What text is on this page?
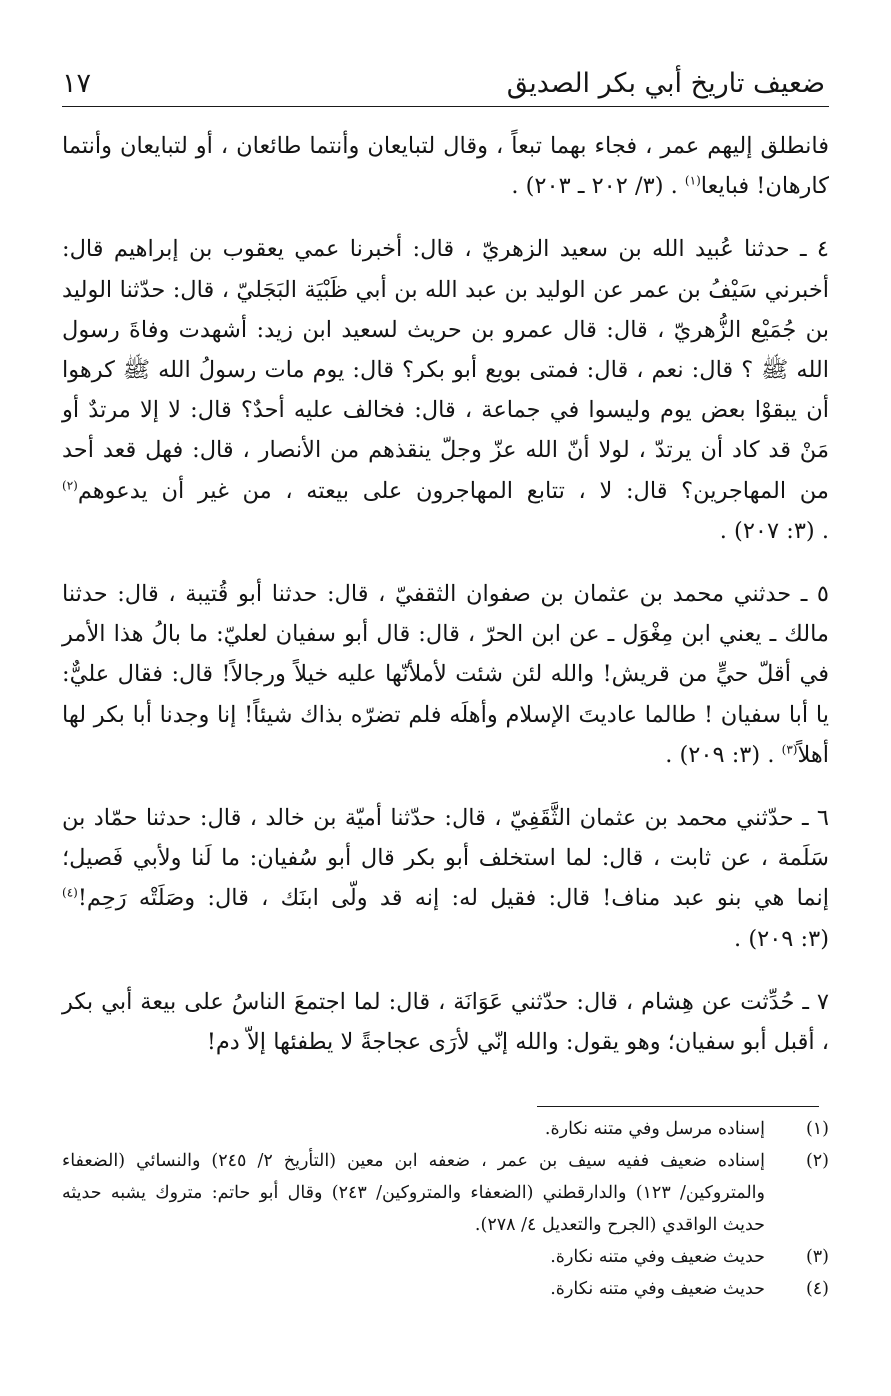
ضعيف تاريخ أبي بكر الصديق
١٧

فانطلق إليهم عمر ، فجاء بهما تبعاً ، وقال لتبايعان وأنتما طائعان ، أو لتبايعان وأنتما كارهان! فبايعا$^{(١)}$ . (٣/ ٢٠٢ ـ ٢٠٣) .

٤ ـ حدثنا عُبيد الله بن سعيد الزهريّ ، قال: أخبرنا عمي يعقوب بن إبراهيم قال: أخبرني سَيْفُ بن عمر عن الوليد بن عبد الله بن أبي ظَبْيَة البَجَليّ ، قال: حدّثنا الوليد بن جُمَيْع الزُّهريّ ، قال: قال عمرو بن حريث لسعيد ابن زيد: أشهدت وفاةَ رسول الله ﷺ ؟ قال: نعم ، قال: فمتى بويع أبو بكر؟ قال: يوم مات رسولُ الله ﷺ كرهوا أن يبقوْا بعض يوم وليسوا في جماعة ، قال: فخالف عليه أحدٌ؟ قال: لا إلا مرتدٌ أو مَنْ قد كاد أن يرتدّ ، لولا أنّ الله عزّ وجلّ ينقذهم من الأنصار ، قال: فهل قعد أحد من المهاجرين؟ قال: لا ، تتابع المهاجرون على بيعته ، من غير أن يدعوهم$^{(٢)}$ . (٣: ٢٠٧) .

٥ ـ حدثني محمد بن عثمان بن صفوان الثقفيّ ، قال: حدثنا أبو قُتيبة ، قال: حدثنا مالك ـ يعني ابن مِغْوَل ـ عن ابن الحرّ ، قال: قال أبو سفيان لعليّ: ما بالُ هذا الأمر في أقلّ حيٍّ من قريش! والله لئن شئت لأملأنّها عليه خيلاً ورجالاً! قال: فقال عليٌّ: يا أبا سفيان ! طالما عاديتَ الإسلام وأهلَه فلم تضرّه بذاك شيئاً! إنا وجدنا أبا بكر لها أهلاً$^{(٣)}$ . (٣: ٢٠٩) .

٦ ـ حدّثني محمد بن عثمان الثَّقَفِيّ ، قال: حدّثنا أميّة بن خالد ، قال: حدثنا حمّاد بن سَلَمة ، عن ثابت ، قال: لما استخلف أبو بكر قال أبو سُفيان: ما لَنا ولأبي فَصيل؛ إنما هي بنو عبد مناف! قال: فقيل له: إنه قد ولّى ابنَك ، قال: وصَلَتْه رَحِم!$^{(٤)}$ (٣: ٢٠٩) .

٧ ـ حُدِّثت عن هِشام ، قال: حدّثني عَوَانَة ، قال: لما اجتمعَ الناسُ على بيعة أبي بكر ، أقبل أبو سفيان؛ وهو يقول: والله إنّي لأرَى عجاجةً لا يطفئها إلاّ دم!

(١)
إسناده مرسل وفي متنه نكارة.
(٢)
إسناده ضعيف ففيه سيف بن عمر ، ضعفه ابن معين (التأريخ ٢/ ٢٤٥) والنسائي (الضعفاء والمتروكين/ ١٢٣) والدارقطني (الضعفاء والمتروكين/ ٢٤٣) وقال أبو حاتم: متروك يشبه حديثه حديث الواقدي (الجرح والتعديل ٤/ ٢٧٨).
(٣)
حديث ضعيف وفي متنه نكارة.
(٤)
حديث ضعيف وفي متنه نكارة.
